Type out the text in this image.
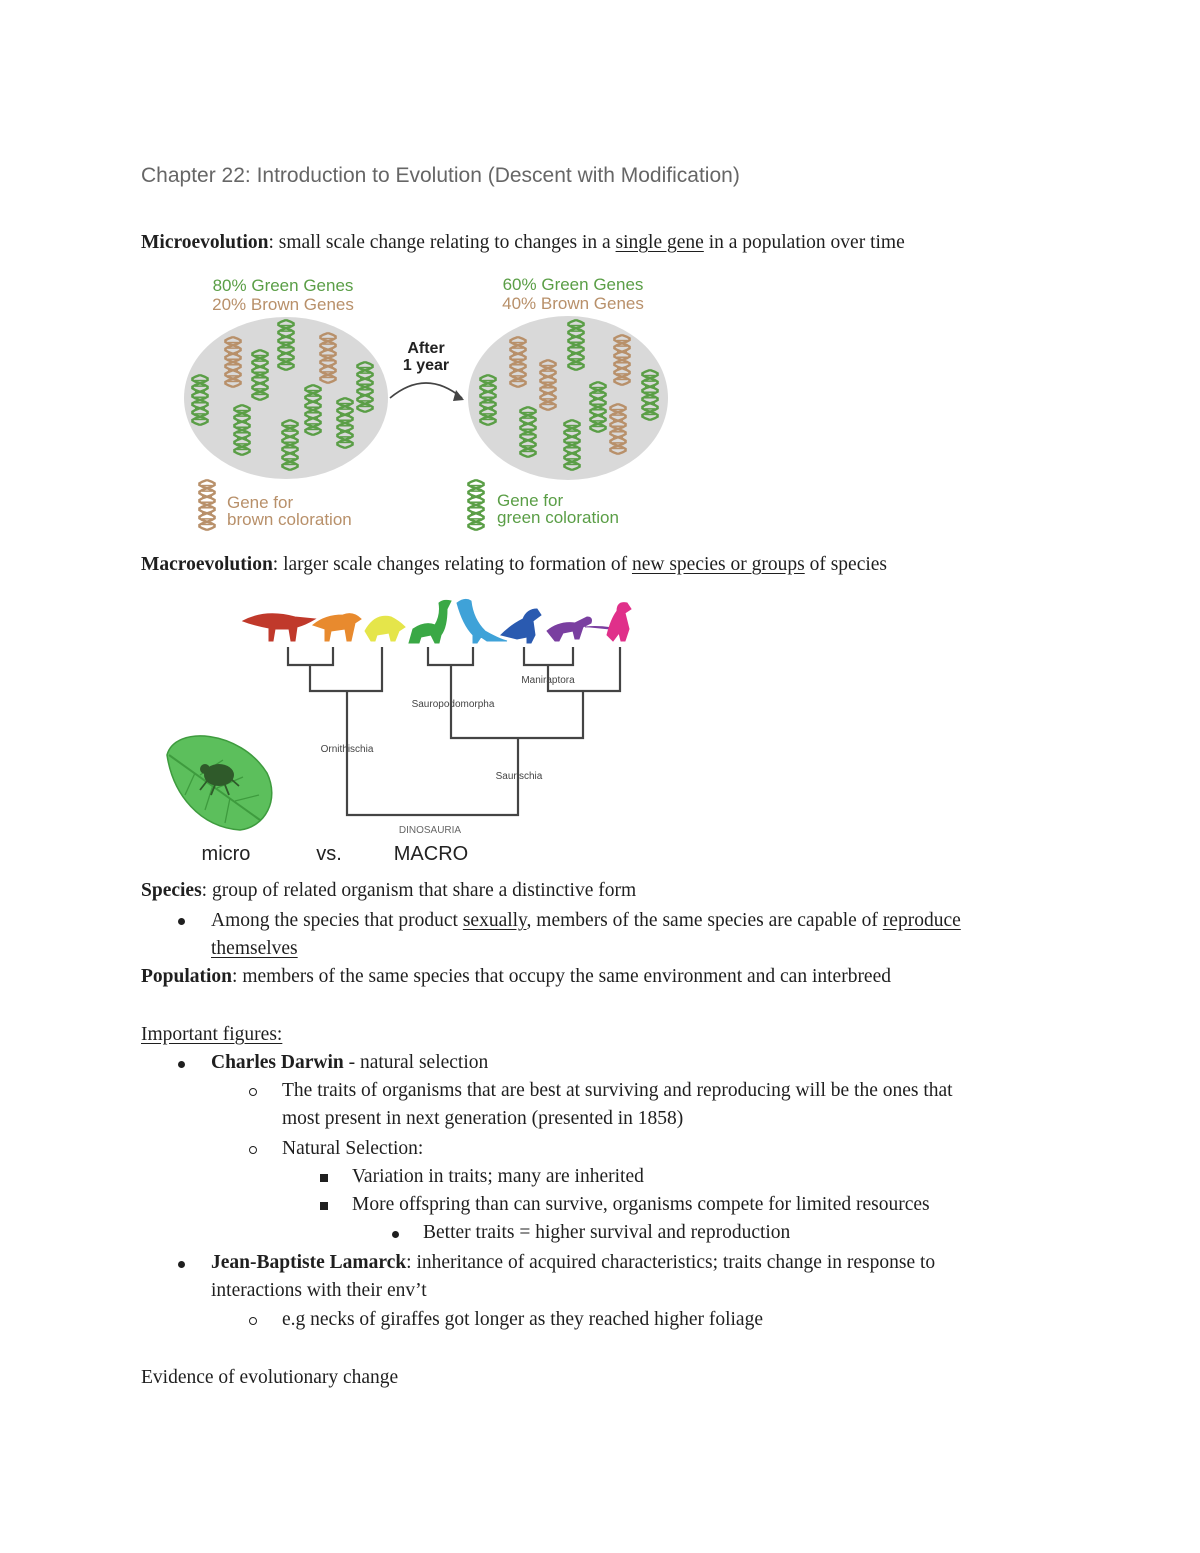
Chapter 22: Introduction to Evolution (Descent with Modification)
Microevolution: small scale change relating to changes in a single gene in a population over time
80% Green Genes
20% Brown Genes
60% Green Genes
40% Brown Genes
After
1 year
Gene for
brown coloration
Gene for
green coloration
Macroevolution: larger scale changes relating to formation of new species or groups of species
Maniraptora
Sauropodomorpha
Ornithischia
Saurischia
DINOSAURIA
micro	vs.	MACRO
Species: group of related organism that share a distinctive form
Among the species that product sexually, members of the same species are capable of reproduce
themselves
Population: members of the same species that occupy the same environment and can interbreed
Important figures:
Charles Darwin - natural selection
The traits of organisms that are best at surviving and reproducing will be the ones that
most present in next generation (presented in 1858)
Natural Selection:
Variation in traits; many are inherited
More offspring than can survive, organisms compete for limited resources
Better traits = higher survival and reproduction
Jean-Baptiste Lamarck: inheritance of acquired characteristics; traits change in response to
interactions with their env’t
e.g necks of giraffes got longer as they reached higher foliage
Evidence of evolutionary change
